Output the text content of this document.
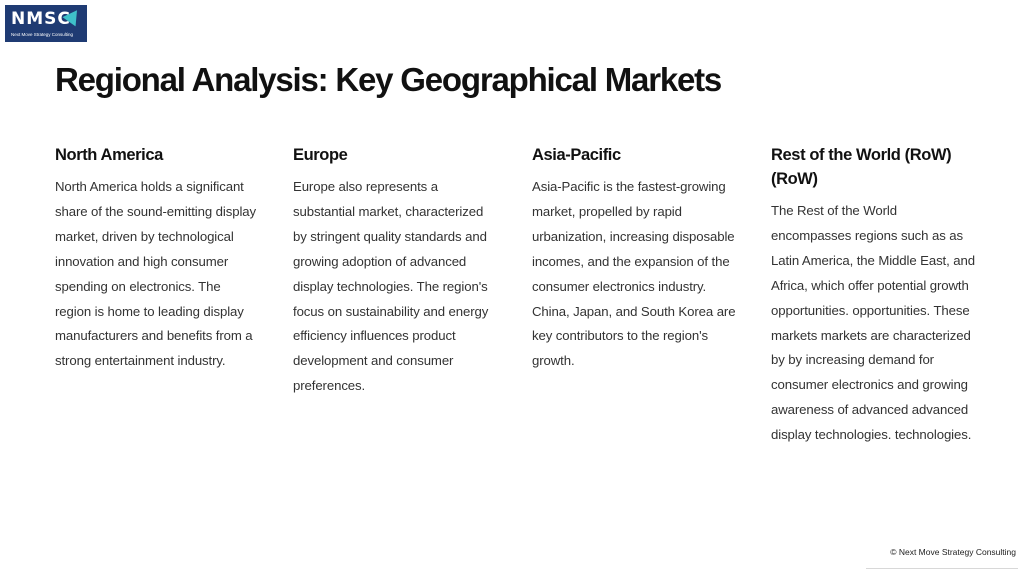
NMSC
Next Move Strategy Consulting
Regional Analysis: Key Geographical Markets
North America

North America holds a significant share of the sound-emitting display market, driven by technological innovation and high consumer spending on electronics. The region is home to leading display manufacturers and benefits from a strong entertainment industry.

Europe

Europe also represents a substantial market, characterized by stringent quality standards and growing adoption of advanced display technologies. The region's focus on sustainability and energy efficiency influences product development and consumer preferences.

Asia-Pacific

Asia-Pacific is the fastest-growing market, propelled by rapid urbanization, increasing disposable incomes, and the expansion of the consumer electronics industry. China, Japan, and South Korea are key contributors to the region's growth.

Rest of the World (RoW) (RoW)

The Rest of the World encompasses regions such as as Latin America, the Middle East, and Africa, which offer potential growth opportunities. opportunities. These markets markets are characterized by by increasing demand for consumer electronics and growing awareness of advanced advanced display technologies. technologies.

© Next Move Strategy Consulting
